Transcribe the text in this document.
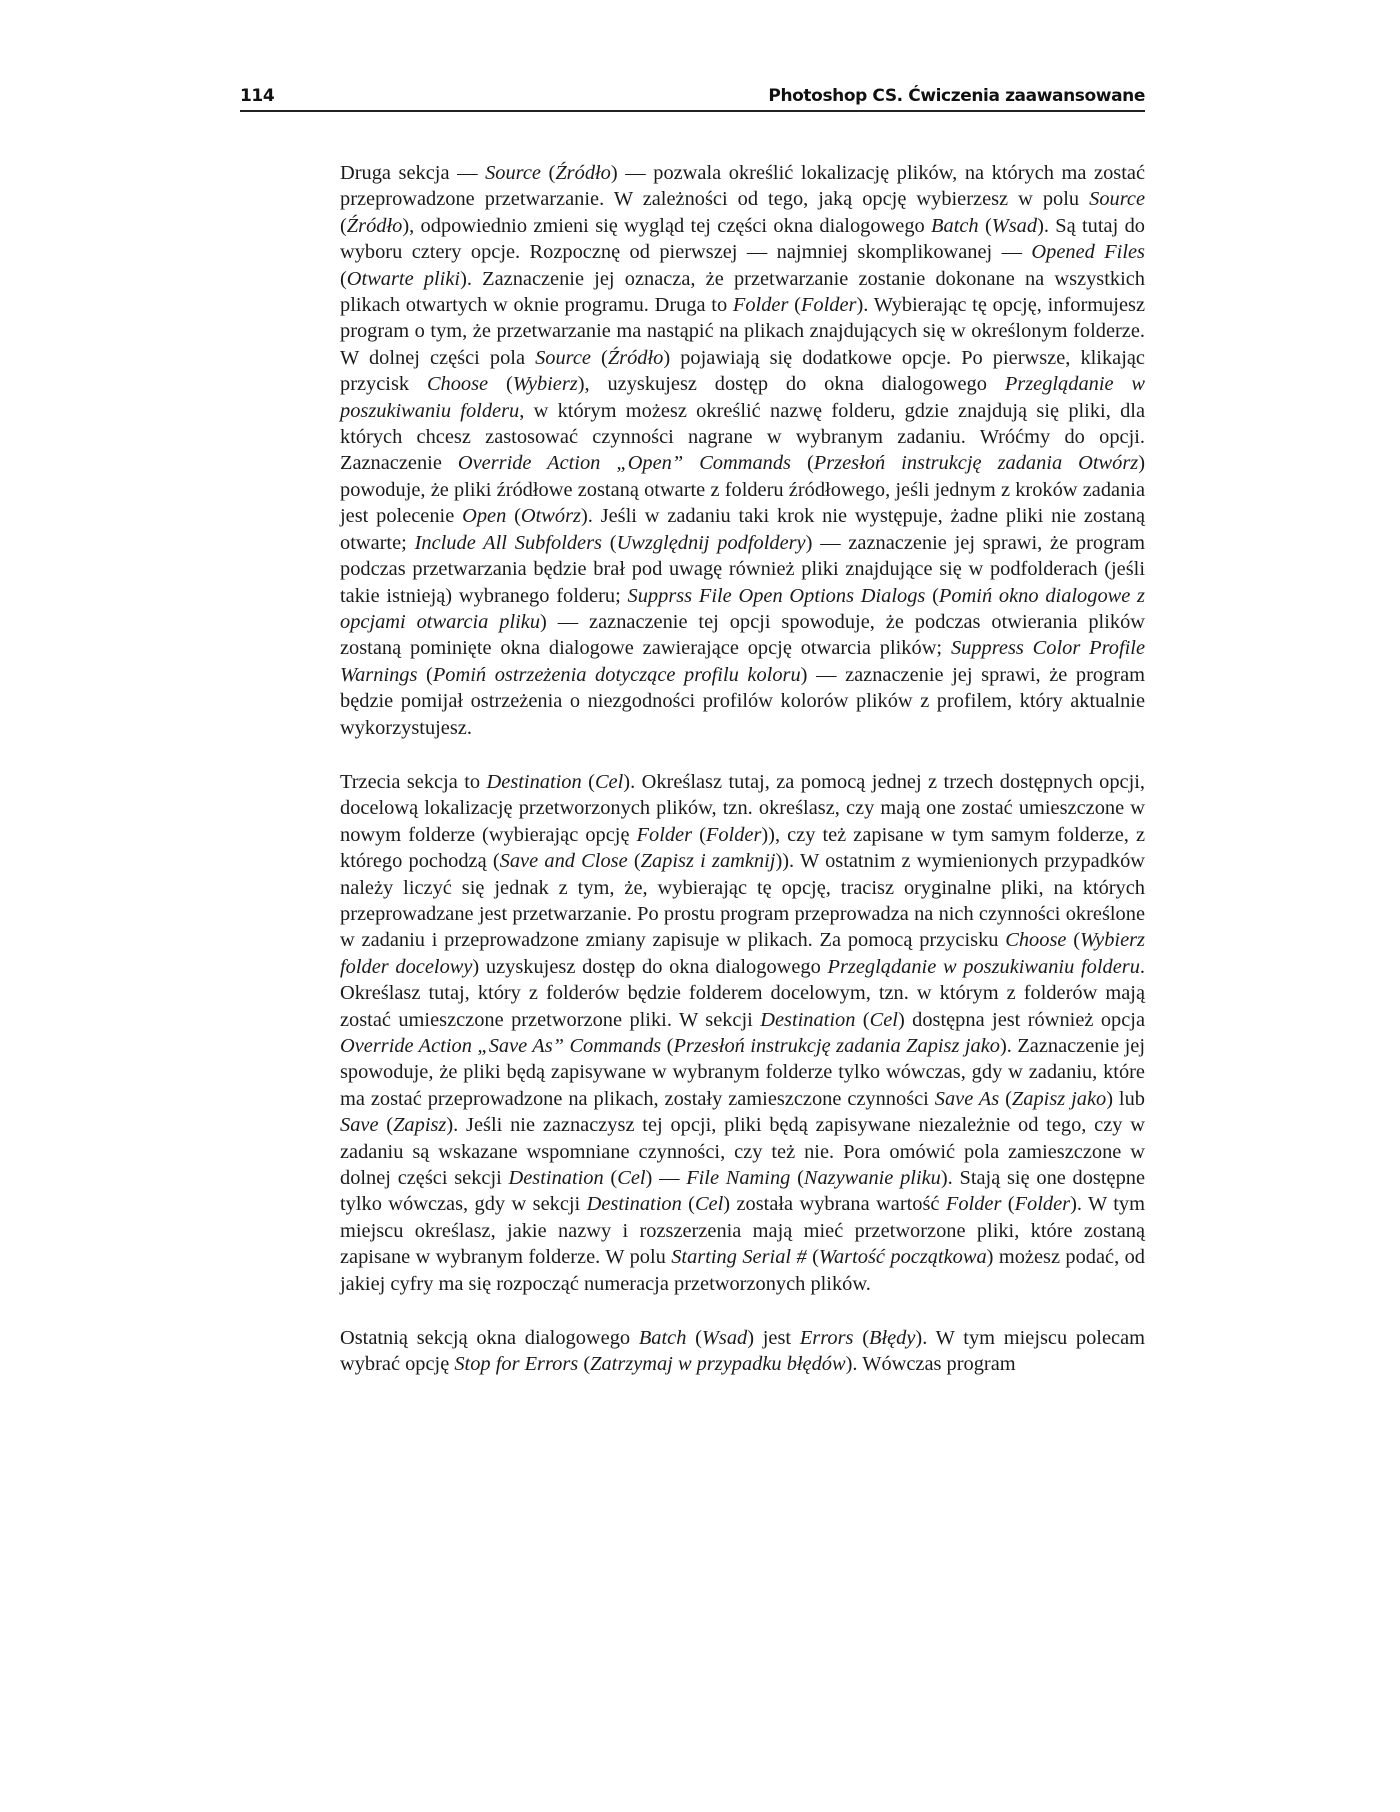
114	Photoshop CS. Ćwiczenia zaawansowane

Druga sekcja — Source (Źródło) — pozwala określić lokalizację plików, na których ma zostać przeprowadzone przetwarzanie. W zależności od tego, jaką opcję wybierzesz w polu Source (Źródło), odpowiednio zmieni się wygląd tej części okna dialogowego Batch (Wsad). Są tutaj do wyboru cztery opcje. Rozpocznę od pierwszej — najmniej skomplikowanej — Opened Files (Otwarte pliki). Zaznaczenie jej oznacza, że przetwarzanie zostanie dokonane na wszystkich plikach otwartych w oknie programu. Druga to Folder (Folder). Wybierając tę opcję, informujesz program o tym, że przetwarzanie ma nastąpić na plikach znajdujących się w określonym folderze. W dolnej części pola Source (Źródło) pojawiają się dodatkowe opcje. Po pierwsze, klikając przycisk Choose (Wybierz), uzyskujesz dostęp do okna dialogowego Przeglądanie w poszukiwaniu folderu, w którym możesz określić nazwę folderu, gdzie znajdują się pliki, dla których chcesz zastosować czynności nagrane w wybranym zadaniu. Wróćmy do opcji. Zaznaczenie Override Action „Open” Commands (Przesłoń instrukcję zadania Otwórz) powoduje, że pliki źródłowe zostaną otwarte z folderu źródłowego, jeśli jednym z kroków zadania jest polecenie Open (Otwórz). Jeśli w zadaniu taki krok nie występuje, żadne pliki nie zostaną otwarte; Include All Subfolders (Uwzględnij podfoldery) — zaznaczenie jej sprawi, że program podczas przetwarzania będzie brał pod uwagę również pliki znajdujące się w podfolderach (jeśli takie istnieją) wybranego folderu; Supprss File Open Options Dialogs (Pomiń okno dialogowe z opcjami otwarcia pliku) — zaznaczenie tej opcji spowoduje, że podczas otwierania plików zostaną pominięte okna dialogowe zawierające opcję otwarcia plików; Suppress Color Profile Warnings (Pomiń ostrzeżenia dotyczące profilu koloru) — zaznaczenie jej sprawi, że program będzie pomijał ostrzeżenia o niezgodności profilów kolorów plików z profilem, który aktualnie wykorzystujesz.

Trzecia sekcja to Destination (Cel). Określasz tutaj, za pomocą jednej z trzech dostępnych opcji, docelową lokalizację przetworzonych plików, tzn. określasz, czy mają one zostać umieszczone w nowym folderze (wybierając opcję Folder (Folder)), czy też zapisane w tym samym folderze, z którego pochodzą (Save and Close (Zapisz i zamknij)). W ostatnim z wymienionych przypadków należy liczyć się jednak z tym, że, wybierając tę opcję, tracisz oryginalne pliki, na których przeprowadzane jest przetwarzanie. Po prostu program przeprowadza na nich czynności określone w zadaniu i przeprowadzone zmiany zapisuje w plikach. Za pomocą przycisku Choose (Wybierz folder docelowy) uzyskujesz dostęp do okna dialogowego Przeglądanie w poszukiwaniu folderu. Określasz tutaj, który z folderów będzie folderem docelowym, tzn. w którym z folderów mają zostać umieszczone przetworzone pliki. W sekcji Destination (Cel) dostępna jest również opcja Override Action „Save As” Commands (Przesłoń instrukcję zadania Zapisz jako). Zaznaczenie jej spowoduje, że pliki będą zapisywane w wybranym folderze tylko wówczas, gdy w zadaniu, które ma zostać przeprowadzone na plikach, zostały zamieszczone czynności Save As (Zapisz jako) lub Save (Zapisz). Jeśli nie zaznaczysz tej opcji, pliki będą zapisywane niezależnie od tego, czy w zadaniu są wskazane wspomniane czynności, czy też nie. Pora omówić pola zamieszczone w dolnej części sekcji Destination (Cel) — File Naming (Nazywanie pliku). Stają się one dostępne tylko wówczas, gdy w sekcji Destination (Cel) została wybrana wartość Folder (Folder). W tym miejscu określasz, jakie nazwy i rozszerzenia mają mieć przetworzone pliki, które zostaną zapisane w wybranym folderze. W polu Starting Serial # (Wartość początkowa) możesz podać, od jakiej cyfry ma się rozpocząć numeracja przetworzonych plików.

Ostatnią sekcją okna dialogowego Batch (Wsad) jest Errors (Błędy). W tym miejscu polecam wybrać opcję Stop for Errors (Zatrzymaj w przypadku błędów). Wówczas program
